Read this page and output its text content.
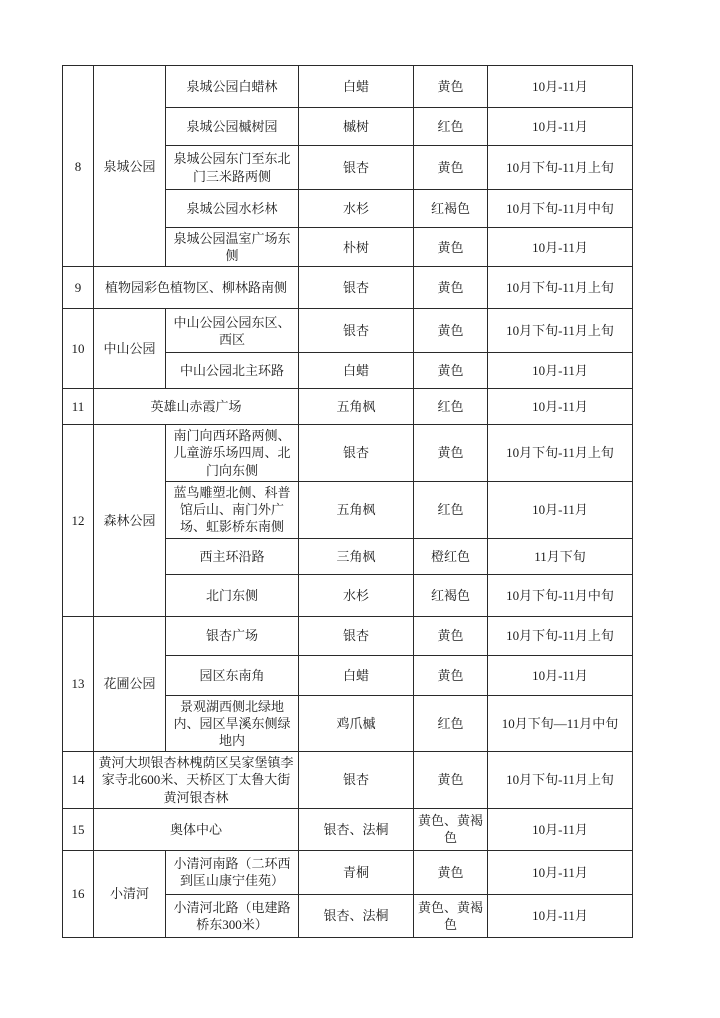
8	泉城公园	泉城公园白蜡林	白蜡	黄色	10月-11月
		泉城公园槭树园	槭树	红色	10月-11月
		泉城公园东门至东北门三米路两侧	银杏	黄色	10月下旬-11月上旬
		泉城公园水杉林	水杉	红褐色	10月下旬-11月中旬
		泉城公园温室广场东侧	朴树	黄色	10月-11月
9	植物园彩色植物区、柳林路南侧		银杏	黄色	10月下旬-11月上旬
10	中山公园	中山公园公园东区、西区	银杏	黄色	10月下旬-11月上旬
		中山公园北主环路	白蜡	黄色	10月-11月
11	英雄山赤霞广场		五角枫	红色	10月-11月
12	森林公园	南门向西环路两侧、儿童游乐场四周、北门向东侧	银杏	黄色	10月下旬-11月上旬
		蓝鸟雕塑北侧、科普馆后山、南门外广场、虹影桥东南侧	五角枫	红色	10月-11月
		西主环沿路	三角枫	橙红色	11月下旬
		北门东侧	水杉	红褐色	10月下旬-11月中旬
13	花圃公园	银杏广场	银杏	黄色	10月下旬-11月上旬
		园区东南角	白蜡	黄色	10月-11月
		景观湖西侧北绿地内、园区旱溪东侧绿地内	鸡爪槭	红色	10月下旬—11月中旬
14	黄河大坝银杏林槐荫区吴家堡镇李家寺北600米、天桥区丁太鲁大街黄河银杏林		银杏	黄色	10月下旬-11月上旬
15	奥体中心		银杏、法桐	黄色、黄褐色	10月-11月
16	小清河	小清河南路（二环西到匡山康宁佳苑）	青桐	黄色	10月-11月
		小清河北路（电建路桥东300米）	银杏、法桐	黄色、黄褐色	10月-11月
